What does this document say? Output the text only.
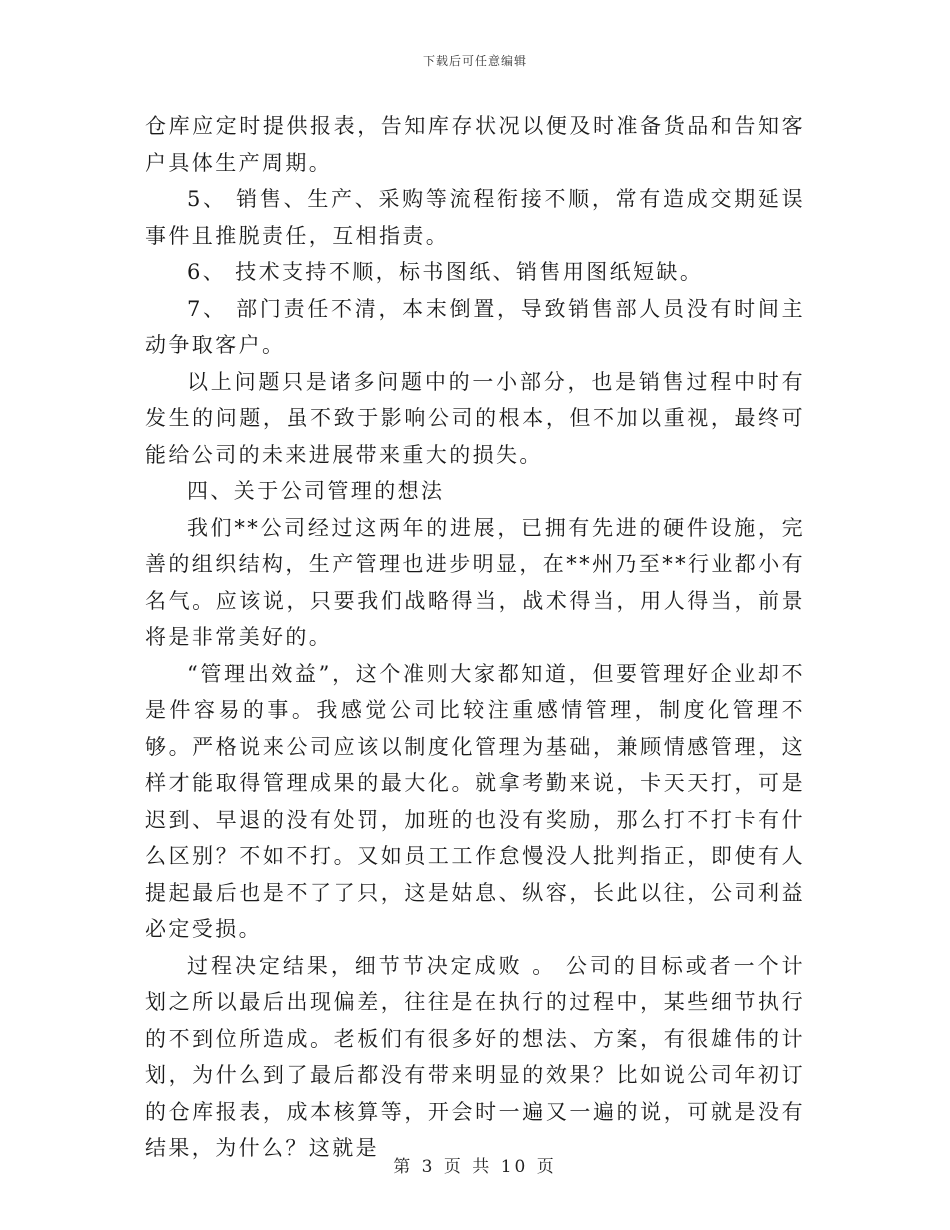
下载后可任意编辑

仓库应定时提供报表，告知库存状况以便及时准备货品和告知客户具体生产周期。

5、 销售、生产、采购等流程衔接不顺，常有造成交期延误事件且推脱责任，互相指责。

6、 技术支持不顺，标书图纸、销售用图纸短缺。

7、 部门责任不清，本末倒置，导致销售部人员没有时间主动争取客户。

以上问题只是诸多问题中的一小部分，也是销售过程中时有发生的问题，虽不致于影响公司的根本，但不加以重视，最终可能给公司的未来进展带来重大的损失。

四、关于公司管理的想法

我们**公司经过这两年的进展，已拥有先进的硬件设施，完善的组织结构，生产管理也进步明显，在**州乃至**行业都小有名气。应该说，只要我们战略得当，战术得当，用人得当，前景将是非常美好的。

“管理出效益”，这个准则大家都知道，但要管理好企业却不是件容易的事。我感觉公司比较注重感情管理，制度化管理不够。严格说来公司应该以制度化管理为基础，兼顾情感管理，这样才能取得管理成果的最大化。就拿考勤来说，卡天天打，可是迟到、早退的没有处罚，加班的也没有奖励，那么打不打卡有什么区别？不如不打。又如员工工作怠慢没人批判指正，即使有人提起最后也是不了了只，这是姑息、纵容，长此以往，公司利益必定受损。

过程决定结果，细节节决定成败 。 公司的目标或者一个计划之所以最后出现偏差，往往是在执行的过程中，某些细节执行的不到位所造成。老板们有很多好的想法、方案，有很雄伟的计划，为什么到了最后都没有带来明显的效果？比如说公司年初订的仓库报表，成本核算等，开会时一遍又一遍的说，可就是没有结果，为什么？这就是

第 3 页 共 10 页
